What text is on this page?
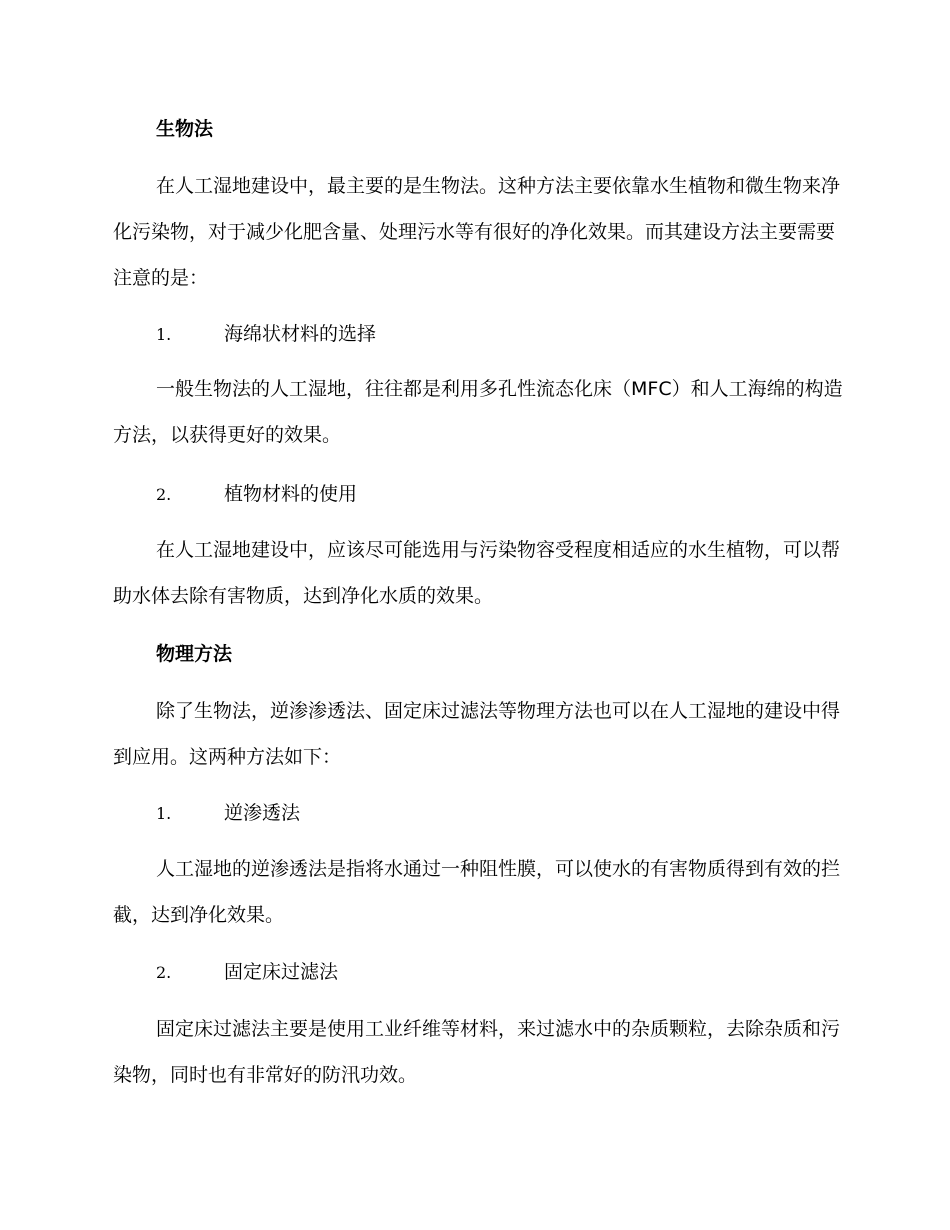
生物法

在人工湿地建设中，最主要的是生物法。这种方法主要依靠水生植物和微生物来净化污染物，对于减少化肥含量、处理污水等有很好的净化效果。而其建设方法主要需要注意的是：

1.	海绵状材料的选择

一般生物法的人工湿地，往往都是利用多孔性流态化床（MFC）和人工海绵的构造方法，以获得更好的效果。

2.	植物材料的使用

在人工湿地建设中，应该尽可能选用与污染物容受程度相适应的水生植物，可以帮助水体去除有害物质，达到净化水质的效果。

物理方法

除了生物法，逆渗渗透法、固定床过滤法等物理方法也可以在人工湿地的建设中得到应用。这两种方法如下：

1.	逆渗透法

人工湿地的逆渗透法是指将水通过一种阻性膜，可以使水的有害物质得到有效的拦截，达到净化效果。

2.	固定床过滤法

固定床过滤法主要是使用工业纤维等材料，来过滤水中的杂质颗粒，去除杂质和污染物，同时也有非常好的防汛功效。
